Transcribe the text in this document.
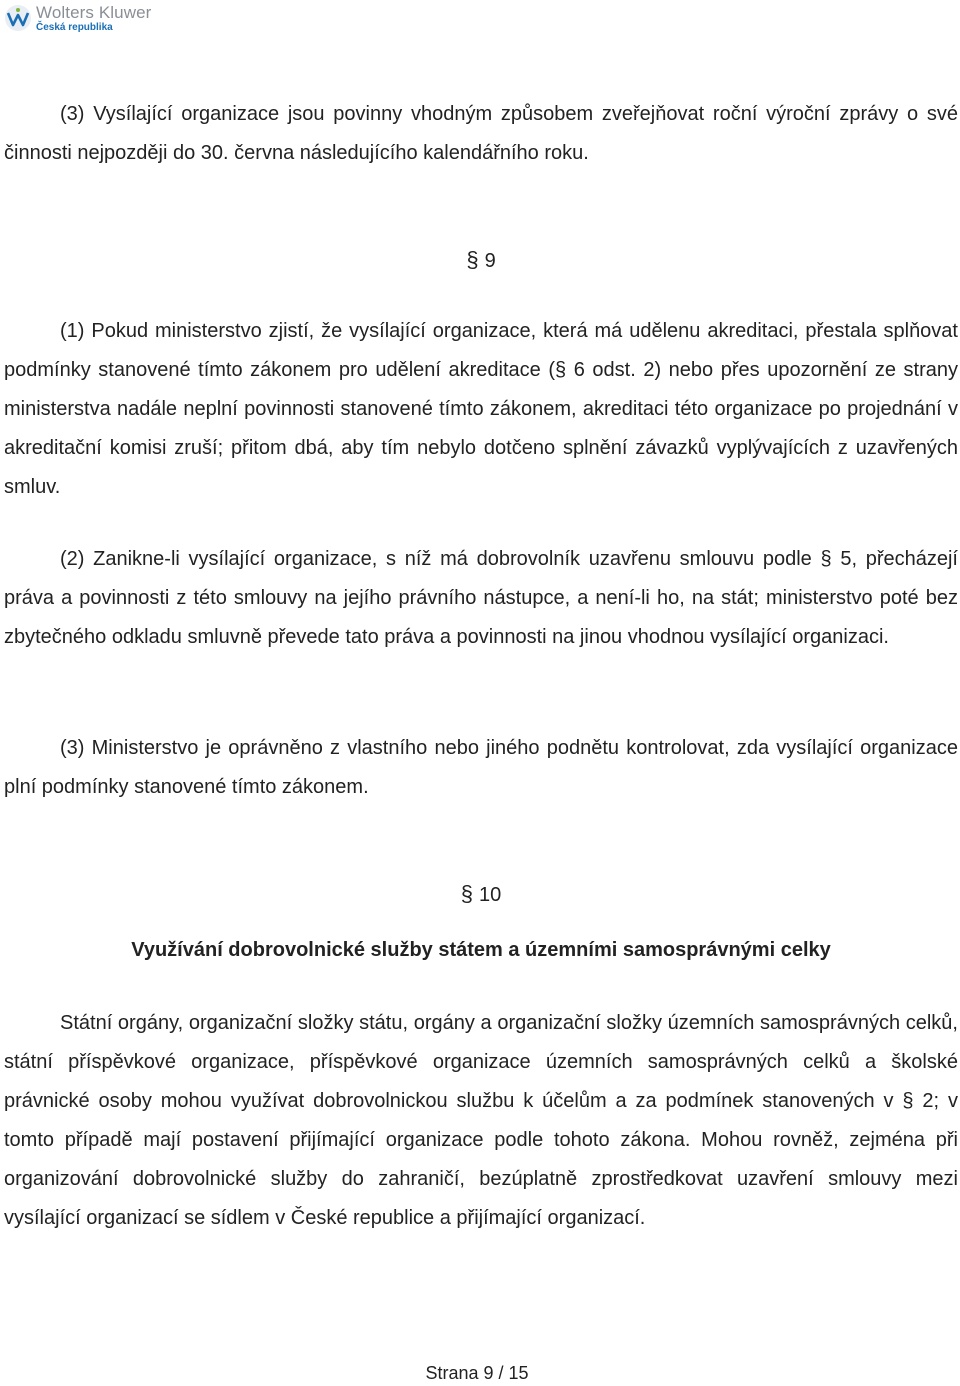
Wolters Kluwer
Česká republika

(3) Vysílající organizace jsou povinny vhodným způsobem zveřejňovat roční výroční zprávy o své činnosti nejpozději do 30. června následujícího kalendářního roku.

§ 9

(1) Pokud ministerstvo zjistí, že vysílající organizace, která má udělenu akreditaci, přestala splňovat podmínky stanovené tímto zákonem pro udělení akreditace (§ 6 odst. 2) nebo přes upozornění ze strany ministerstva nadále neplní povinnosti stanovené tímto zákonem, akreditaci této organizace po projednání v akreditační komisi zruší; přitom dbá, aby tím nebylo dotčeno splnění závazků vyplývajících z uzavřených smluv.

(2) Zanikne-li vysílající organizace, s níž má dobrovolník uzavřenu smlouvu podle § 5, přecházejí práva a povinnosti z této smlouvy na jejího právního nástupce, a není-li ho, na stát; ministerstvo poté bez zbytečného odkladu smluvně převede tato práva a povinnosti na jinou vhodnou vysílající organizaci.

(3) Ministerstvo je oprávněno z vlastního nebo jiného podnětu kontrolovat, zda vysílající organizace plní podmínky stanovené tímto zákonem.

§ 10

Využívání dobrovolnické služby státem a územními samosprávnými celky

Státní orgány, organizační složky státu, orgány a organizační složky územních samosprávných celků, státní příspěvkové organizace, příspěvkové organizace územních samosprávných celků a školské právnické osoby mohou využívat dobrovolnickou službu k účelům a za podmínek stanovených v § 2; v tomto případě mají postavení přijímající organizace podle tohoto zákona. Mohou rovněž, zejména při organizování dobrovolnické služby do zahraničí, bezúplatně zprostředkovat uzavření smlouvy mezi vysílající organizací se sídlem v České republice a přijímající organizací.

Strana 9 / 15
